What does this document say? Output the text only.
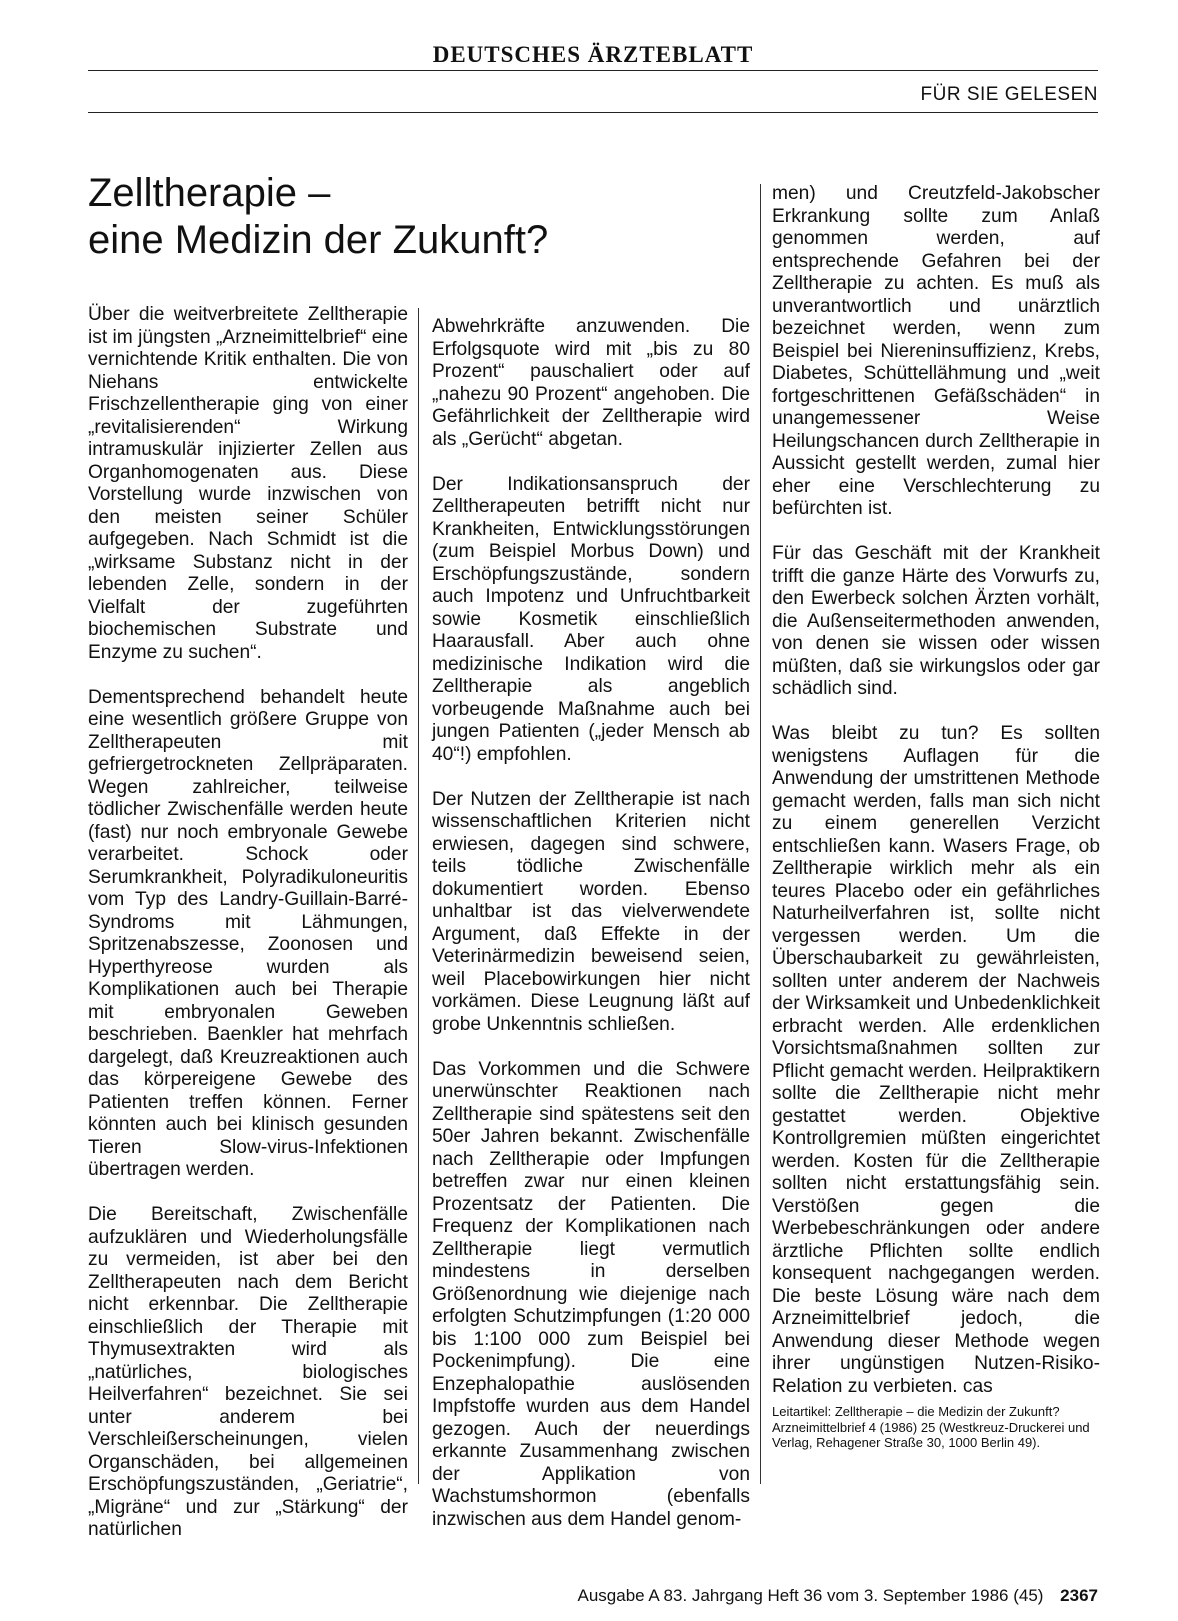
DEUTSCHES ÄRZTEBLATT
FÜR SIE GELESEN
Zelltherapie –
eine Medizin der Zukunft?

Über die weitverbreitete Zelltherapie ist im jüngsten „Arzneimittelbrief“ eine vernichtende Kritik enthalten. Die von Niehans entwickelte Frischzellentherapie ging von einer „revitalisierenden“ Wirkung intramuskulär injizierter Zellen aus Organhomogenaten aus. Diese Vorstellung wurde inzwischen von den meisten seiner Schüler aufgegeben. Nach Schmidt ist die „wirksame Substanz nicht in der lebenden Zelle, sondern in der Vielfalt der zugeführten biochemischen Substrate und Enzyme zu suchen“.

Dementsprechend behandelt heute eine wesentlich größere Gruppe von Zelltherapeuten mit gefriergetrockneten Zellpräparaten. Wegen zahlreicher, teilweise tödlicher Zwischenfälle werden heute (fast) nur noch embryonale Gewebe verarbeitet. Schock oder Serumkrankheit, Polyradikuloneuritis vom Typ des Landry-Guillain-Barré-Syndroms mit Lähmungen, Spritzenabszesse, Zoonosen und Hyperthyreose wurden als Komplikationen auch bei Therapie mit embryonalen Geweben beschrieben. Baenkler hat mehrfach dargelegt, daß Kreuzreaktionen auch das körpereigene Gewebe des Patienten treffen können. Ferner könnten auch bei klinisch gesunden Tieren Slow-virus-Infektionen übertragen werden.

Die Bereitschaft, Zwischenfälle aufzuklären und Wiederholungsfälle zu vermeiden, ist aber bei den Zelltherapeuten nach dem Bericht nicht erkennbar. Die Zelltherapie einschließlich der Therapie mit Thymusextrakten wird als „natürliches, biologisches Heilverfahren“ bezeichnet. Sie sei unter anderem bei Verschleißerscheinungen, vielen Organschäden, bei allgemeinen Erschöpfungszuständen, „Geriatrie“, „Migräne“ und zur „Stärkung“ der natürlichen

Abwehrkräfte anzuwenden. Die Erfolgsquote wird mit „bis zu 80 Prozent“ pauschaliert oder auf „nahezu 90 Prozent“ angehoben. Die Gefährlichkeit der Zelltherapie wird als „Gerücht“ abgetan.

Der Indikationsanspruch der Zelltherapeuten betrifft nicht nur Krankheiten, Entwicklungsstörungen (zum Beispiel Morbus Down) und Erschöpfungszustände, sondern auch Impotenz und Unfruchtbarkeit sowie Kosmetik einschließlich Haarausfall. Aber auch ohne medizinische Indikation wird die Zelltherapie als angeblich vorbeugende Maßnahme auch bei jungen Patienten („jeder Mensch ab 40“!) empfohlen.

Der Nutzen der Zelltherapie ist nach wissenschaftlichen Kriterien nicht erwiesen, dagegen sind schwere, teils tödliche Zwischenfälle dokumentiert worden. Ebenso unhaltbar ist das vielverwendete Argument, daß Effekte in der Veterinärmedizin beweisend seien, weil Placebowirkungen hier nicht vorkämen. Diese Leugnung läßt auf grobe Unkenntnis schließen.

Das Vorkommen und die Schwere unerwünschter Reaktionen nach Zelltherapie sind spätestens seit den 50er Jahren bekannt. Zwischenfälle nach Zelltherapie oder Impfungen betreffen zwar nur einen kleinen Prozentsatz der Patienten. Die Frequenz der Komplikationen nach Zelltherapie liegt vermutlich mindestens in derselben Größenordnung wie diejenige nach erfolgten Schutzimpfungen (1:20 000 bis 1:100 000 zum Beispiel bei Pockenimpfung). Die eine Enzephalopathie auslösenden Impfstoffe wurden aus dem Handel gezogen. Auch der neuerdings erkannte Zusammenhang zwischen der Applikation von Wachstumshormon (ebenfalls inzwischen aus dem Handel genom-

men) und Creutzfeld-Jakobscher Erkrankung sollte zum Anlaß genommen werden, auf entsprechende Gefahren bei der Zelltherapie zu achten. Es muß als unverantwortlich und unärztlich bezeichnet werden, wenn zum Beispiel bei Niereninsuffizienz, Krebs, Diabetes, Schüttellähmung und „weit fortgeschrittenen Gefäßschäden“ in unangemessener Weise Heilungschancen durch Zelltherapie in Aussicht gestellt werden, zumal hier eher eine Verschlechterung zu befürchten ist.

Für das Geschäft mit der Krankheit trifft die ganze Härte des Vorwurfs zu, den Ewerbeck solchen Ärzten vorhält, die Außenseitermethoden anwenden, von denen sie wissen oder wissen müßten, daß sie wirkungslos oder gar schädlich sind.

Was bleibt zu tun? Es sollten wenigstens Auflagen für die Anwendung der umstrittenen Methode gemacht werden, falls man sich nicht zu einem generellen Verzicht entschließen kann. Wasers Frage, ob Zelltherapie wirklich mehr als ein teures Placebo oder ein gefährliches Naturheilverfahren ist, sollte nicht vergessen werden. Um die Überschaubarkeit zu gewährleisten, sollten unter anderem der Nachweis der Wirksamkeit und Unbedenklichkeit erbracht werden. Alle erdenklichen Vorsichtsmaßnahmen sollten zur Pflicht gemacht werden. Heilpraktikern sollte die Zelltherapie nicht mehr gestattet werden. Objektive Kontrollgremien müßten eingerichtet werden. Kosten für die Zelltherapie sollten nicht erstattungsfähig sein. Verstößen gegen die Werbebeschränkungen oder andere ärztliche Pflichten sollte endlich konsequent nachgegangen werden. Die beste Lösung wäre nach dem Arzneimittelbrief jedoch, die Anwendung dieser Methode wegen ihrer ungünstigen Nutzen-Risiko-Relation zu verbieten. cas

Leitartikel: Zelltherapie – die Medizin der Zukunft? Arzneimittelbrief 4 (1986) 25 (Westkreuz-Druckerei und Verlag, Rehagener Straße 30, 1000 Berlin 49).
Ausgabe A 83. Jahrgang Heft 36 vom 3. September 1986 (45) 2367
